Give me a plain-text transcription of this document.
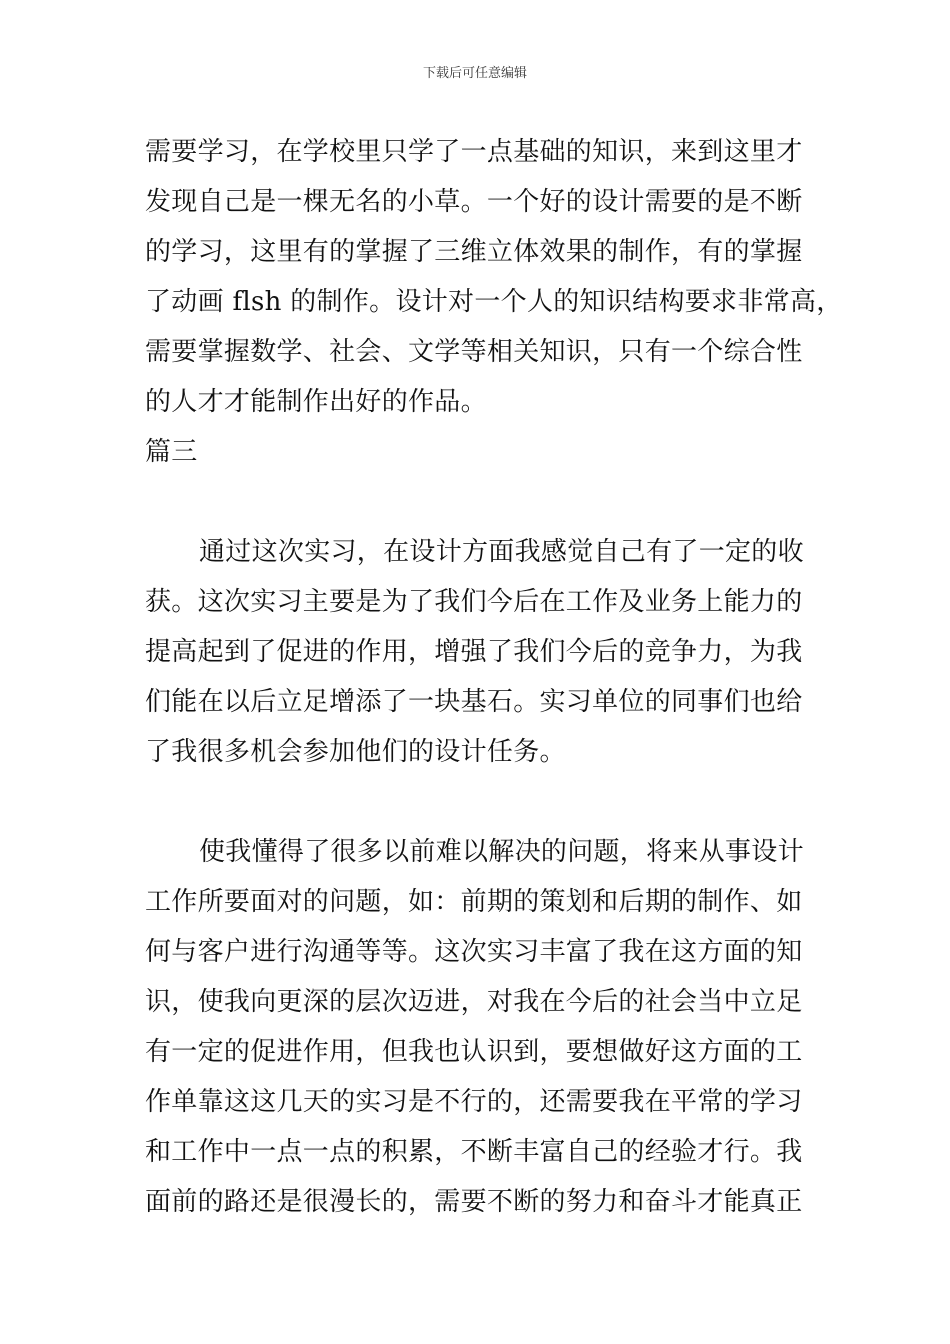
下载后可任意编辑
需要学习，在学校里只学了一点基础的知识，来到这里才
发现自己是一棵无名的小草。一个好的设计需要的是不断
的学习，这里有的掌握了三维立体效果的制作，有的掌握
了动画 flsh 的制作。设计对一个人的知识结构要求非常高，
需要掌握数学、社会、文学等相关知识，只有一个综合性
的人才才能制作出好的作品。
篇三
通过这次实习，在设计方面我感觉自己有了一定的收
获。这次实习主要是为了我们今后在工作及业务上能力的
提高起到了促进的作用，增强了我们今后的竞争力，为我
们能在以后立足增添了一块基石。实习单位的同事们也给
了我很多机会参加他们的设计任务。
使我懂得了很多以前难以解决的问题，将来从事设计
工作所要面对的问题，如：前期的策划和后期的制作、如
何与客户进行沟通等等。这次实习丰富了我在这方面的知
识，使我向更深的层次迈进，对我在今后的社会当中立足
有一定的促进作用，但我也认识到，要想做好这方面的工
作单靠这这几天的实习是不行的，还需要我在平常的学习
和工作中一点一点的积累，不断丰富自己的经验才行。我
面前的路还是很漫长的，需要不断的努力和奋斗才能真正
